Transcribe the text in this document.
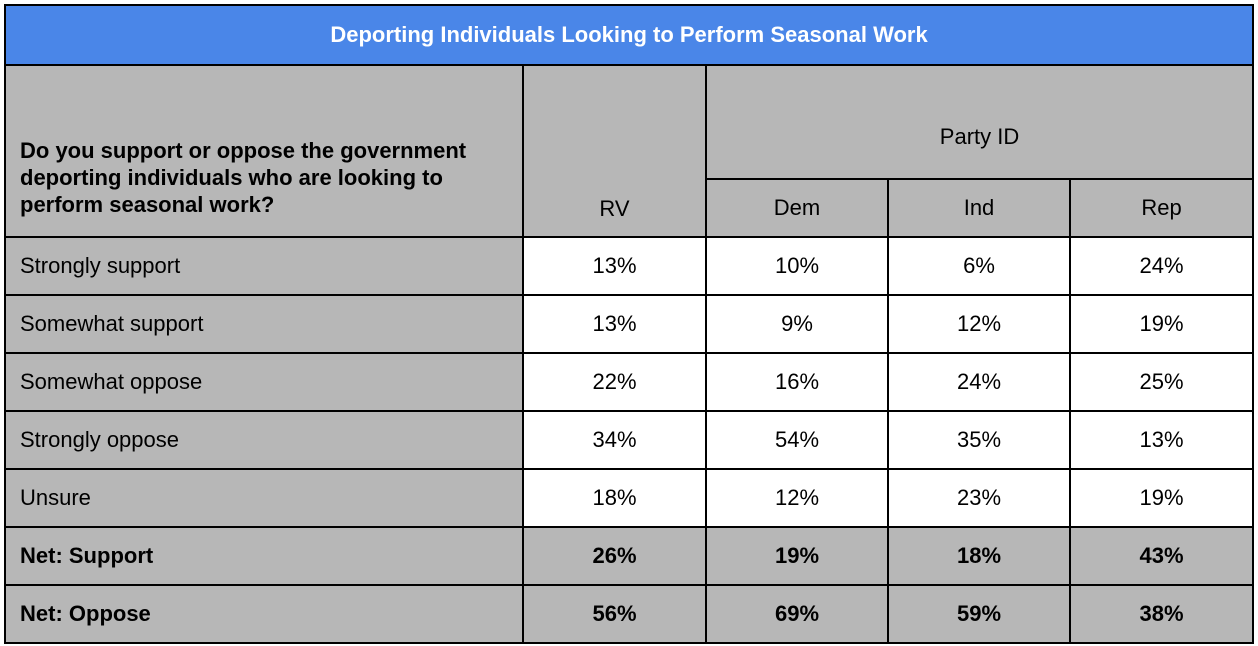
Deporting Individuals Looking to Perform Seasonal Work				
Do you support or oppose the government deporting individuals who are looking to perform seasonal work?	RV	Party ID		
		Dem	Ind	Rep
Strongly support	13%	10%	6%	24%
Somewhat support	13%	9%	12%	19%
Somewhat oppose	22%	16%	24%	25%
Strongly oppose	34%	54%	35%	13%
Unsure	18%	12%	23%	19%
Net: Support	26%	19%	18%	43%
Net: Oppose	56%	69%	59%	38%
